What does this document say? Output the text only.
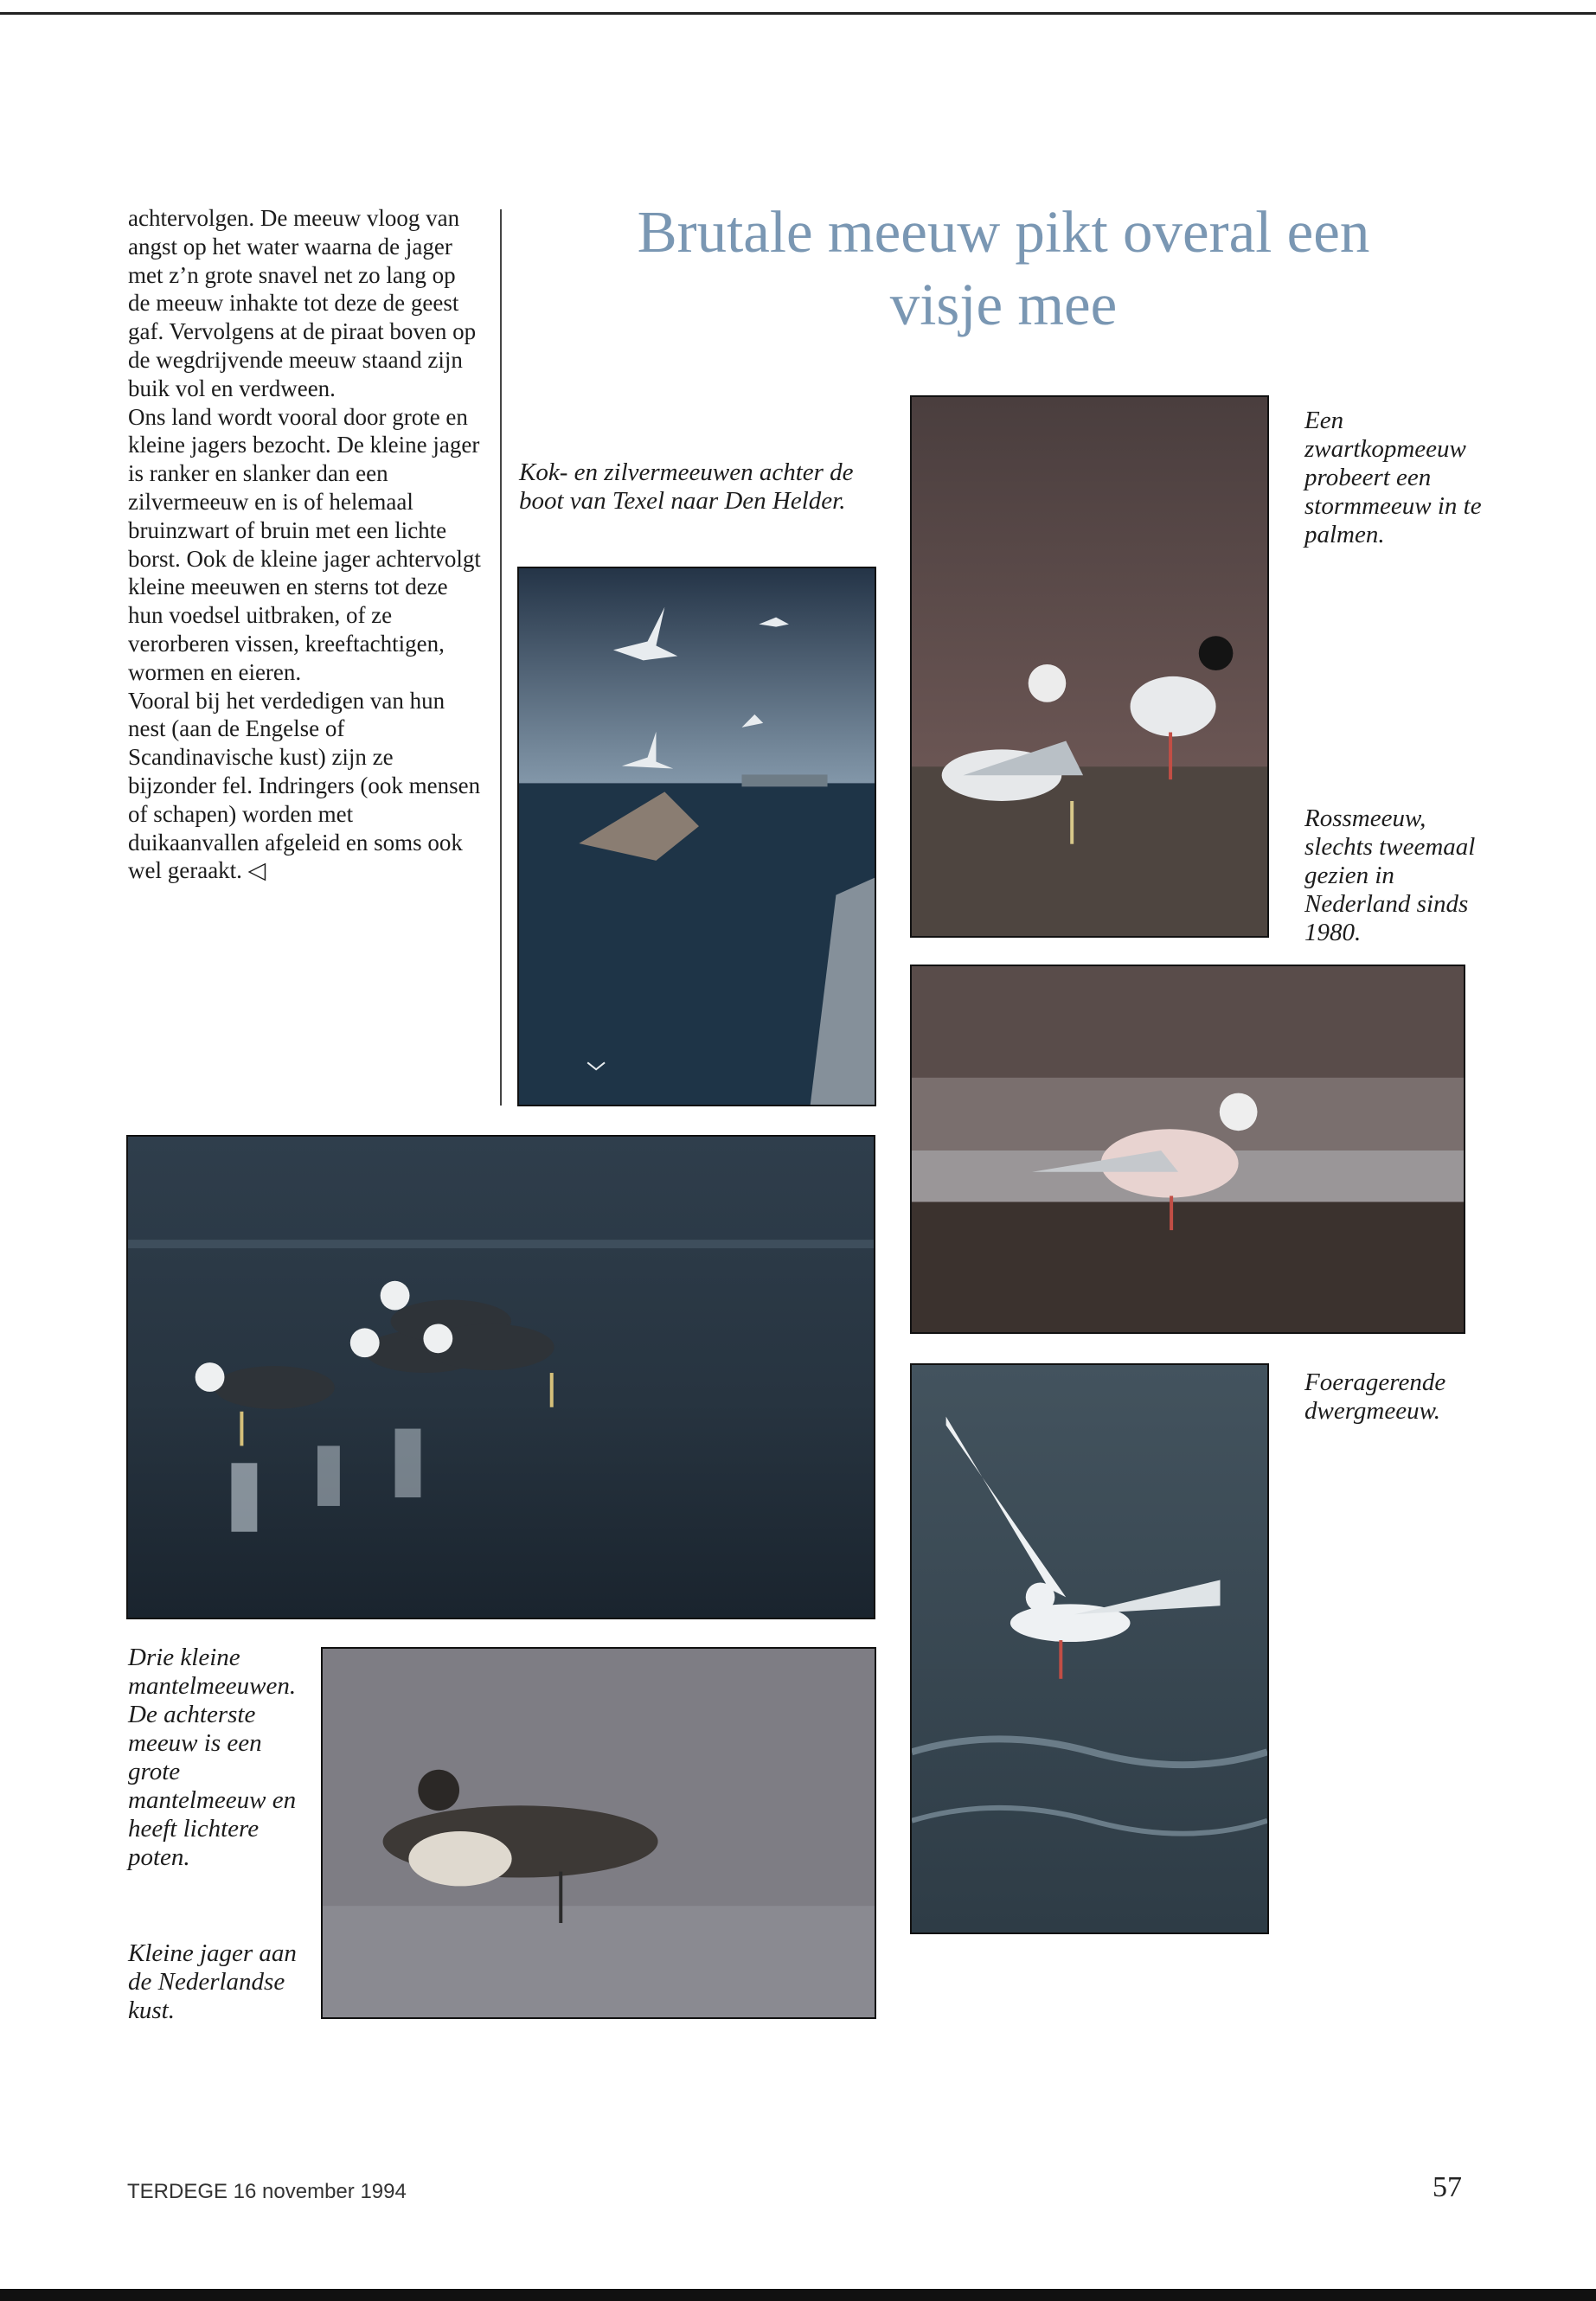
achtervolgen. De meeuw vloog van angst op het water waarna de jager met z’n grote snavel net zo lang op de meeuw inhakte tot deze de geest gaf. Vervolgens at de piraat boven op de wegdrijvende meeuw staand zijn buik vol en verdween.

Ons land wordt vooral door grote en kleine jagers bezocht. De kleine jager is ranker en slanker dan een zilvermeeuw en is of helemaal bruinzwart of bruin met een lichte borst. Ook de kleine jager achtervolgt kleine meeuwen en sterns tot deze hun voedsel uitbraken, of ze verorberen vissen, kreeftachtigen, wormen en eieren.

Vooral bij het verdedigen van hun nest (aan de Engelse of Scandinavische kust) zijn ze bijzonder fel. Indringers (ook mensen of schapen) worden met duikaanvallen afgeleid en soms ook wel geraakt. ◁

Brutale meeuw pikt overal een visje mee

Kok- en zilvermeeuwen achter de boot van Texel naar Den Helder.

Een zwartkopmeeuw probeert een stormmeeuw in te palmen.

Rossmeeuw, slechts tweemaal gezien in Nederland sinds 1980.

Foeragerende dwergmeeuw.

Drie kleine mantelmeeuwen. De achterste meeuw is een grote mantelmeeuw en heeft lichtere poten.

Kleine jager aan de Nederlandse kust.

TERDEGE 16 november 1994	57
